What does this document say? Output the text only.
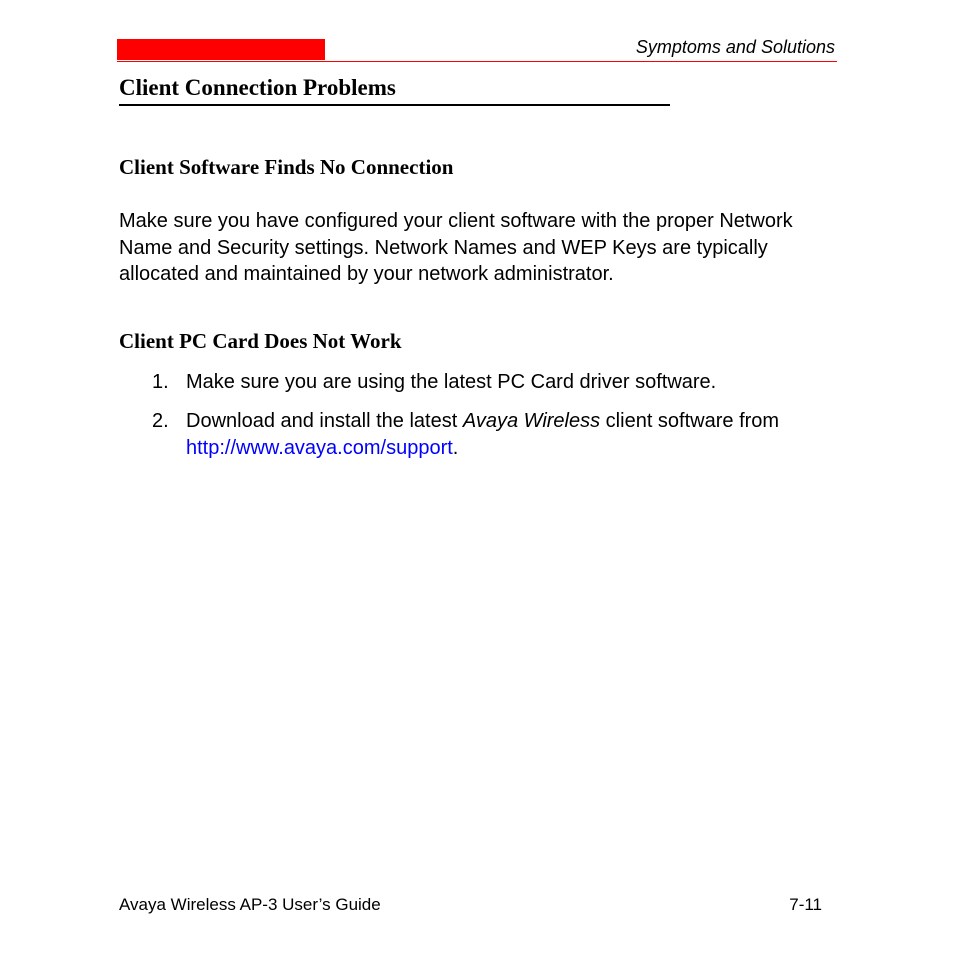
Symptoms and Solutions
Client Connection Problems
Client Software Finds No Connection

Make sure you have configured your client software with the proper Network Name and Security settings. Network Names and WEP Keys are typically allocated and maintained by your network administrator.

Client PC Card Does Not Work
1. Make sure you are using the latest PC Card driver software.
2. Download and install the latest Avaya Wireless client software from http://www.avaya.com/support.
Avaya Wireless AP-3 User’s Guide	7-11
